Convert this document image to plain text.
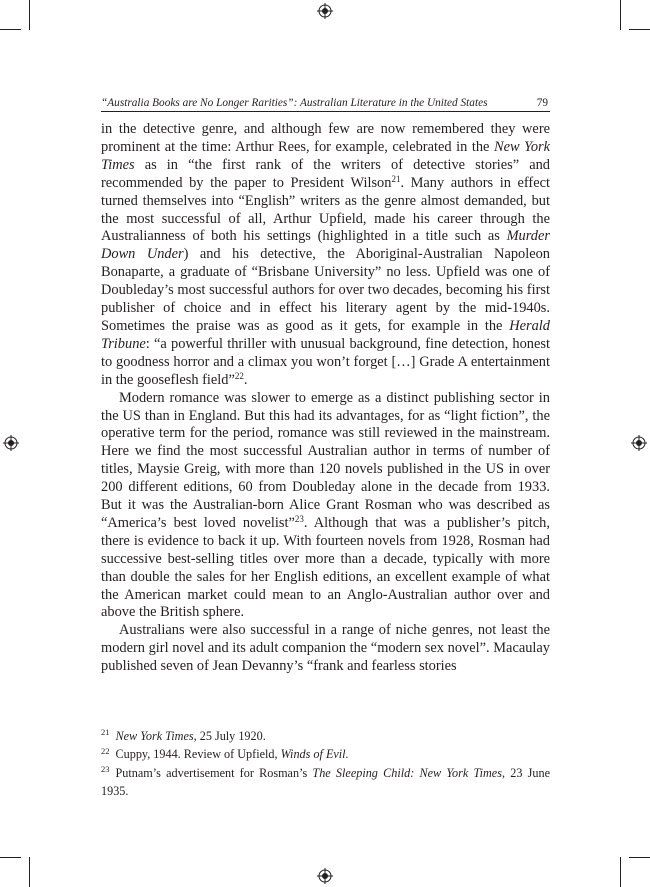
“Australia Books are No Longer Rarities”: Australian Literature in the United States	79

in the detective genre, and although few are now remembered they were prominent at the time: Arthur Rees, for example, celebrated in the New York Times as in “the first rank of the writers of detective stories” and recommended by the paper to President Wilson$^{21}$. Many authors in effect turned themselves into “English” writers as the genre almost demanded, but the most successful of all, Arthur Upfield, made his career through the Australianness of both his settings (highlighted in a title such as Murder Down Under) and his detective, the Aboriginal-Australian Napoleon Bonaparte, a graduate of “Brisbane University” no less. Upfield was one of Doubleday’s most successful authors for over two decades, becoming his first publisher of choice and in effect his literary agent by the mid-1940s. Sometimes the praise was as good as it gets, for example in the Herald Tribune: “a powerful thriller with unusual background, fine detection, honest to goodness horror and a climax you won’t forget […] Grade A entertainment in the gooseflesh field”$^{22}$.

Modern romance was slower to emerge as a distinct publishing sector in the US than in England. But this had its advantages, for as “light fiction”, the operative term for the period, romance was still reviewed in the mainstream. Here we find the most successful Australian author in terms of number of titles, Maysie Greig, with more than 120 novels published in the US in over 200 different editions, 60 from Doubleday alone in the decade from 1933. But it was the Australian-born Alice Grant Rosman who was described as “America’s best loved novelist”$^{23}$. Although that was a publisher’s pitch, there is evidence to back it up. With fourteen novels from 1928, Rosman had successive best-selling titles over more than a decade, typically with more than double the sales for her English editions, an excellent example of what the American market could mean to an Anglo-Australian author over and above the British sphere.

Australians were also successful in a range of niche genres, not least the modern girl novel and its adult companion the “modern sex novel”. Macaulay published seven of Jean Devanny’s “frank and fearless stories

$^{21}$ New York Times, 25 July 1920.
$^{22}$ Cuppy, 1944. Review of Upfield, Winds of Evil.
$^{23}$ Putnam’s advertisement for Rosman’s The Sleeping Child: New York Times, 23 June 1935.
